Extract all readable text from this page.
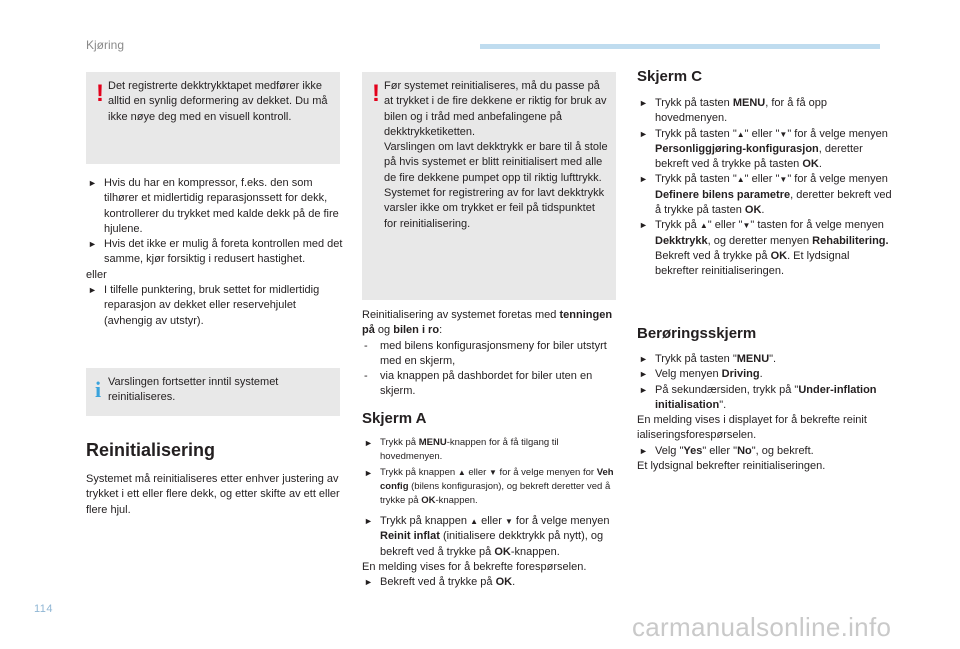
Kjøring
! Det registrerte dekktrykktapet medfører ikke alltid en synlig deformering av dekket. Du må ikke nøye deg med en visuell kontroll.

► Hvis du har en kompressor, f.eks. den som tilhører et midlertidig reparasjonssett for dekk, kontrollerer du trykket med kalde dekk på de fire hjulene.
► Hvis det ikke er mulig å foreta kontrollen med det samme, kjør forsiktig i redusert hastighet.
eller
► I tilfelle punktering, bruk settet for midlertidig reparasjon av dekket eller reservehjulet (avhengig av utstyr).
i Varslingen fortsetter inntil systemet reinitialiseres.

Reinitialisering

Systemet må reinitialiseres etter enhver justering av trykket i ett eller flere dekk, og etter skifte av ett eller flere hjul.

! Før systemet reinitialiseres, må du passe på at trykket i de fire dekkene er riktig for bruk av bilen og i tråd med anbefalingene på dekktrykketiketten.

Varslingen om lavt dekktrykk er bare til å stole på hvis systemet er blitt reinitialisert med alle de fire dekkene pumpet opp til riktig lufttrykk.

Systemet for registrering av for lavt dekktrykk varsler ikke om trykket er feil på tidspunktet for reinitialisering.

Reinitialisering av systemet foretas med tenningen på og bilen i ro:
- med bilens konfigurasjonsmeny for biler utstyrt med en skjerm,
- via knappen på dashbordet for biler uten en skjerm.
Skjerm A
► Trykk på MENU-knappen for å få tilgang til hovedmenyen.
► Trykk på knappen ▲ eller ▼ for å velge menyen for Veh config (bilens konfigurasjon), og bekreft deretter ved å trykke på OK-knappen.
► Trykk på knappen ▲ eller ▼ for å velge menyen Reinit inflat (initialisere dekktrykk på nytt), og bekreft ved å trykke på OK-knappen.
En melding vises for å bekrefte forespørselen.
► Bekreft ved å trykke på OK.
Skjerm C
► Trykk på tasten MENU, for å få opp hovedmenyen.
► Trykk på tasten "▲" eller "▼" for å velge menyen Personliggjøring-konfigurasjon, deretter bekreft ved å trykke på tasten OK.
► Trykk på tasten "▲" eller "▼" for å velge menyen Definere bilens parametre, deretter bekreft ved å trykke på tasten OK.
► Trykk på ▲" eller "▼" tasten for å velge menyen Dekktrykk, og deretter menyen Rehabilitering. Bekreft ved å trykke på OK. Et lydsignal bekrefter reinitialiseringen.
Berøringsskjerm
► Trykk på tasten "MENU".
► Velg menyen Driving.
► På sekundærsiden, trykk på "Under-inflation initialisation".
En melding vises i displayet for å bekrefte reinit ialiseringsforespørselen.
► Velg "Yes" eller "No", og bekreft.
Et lydsignal bekrefter reinitialiseringen.
114
carmanualsonline.info
